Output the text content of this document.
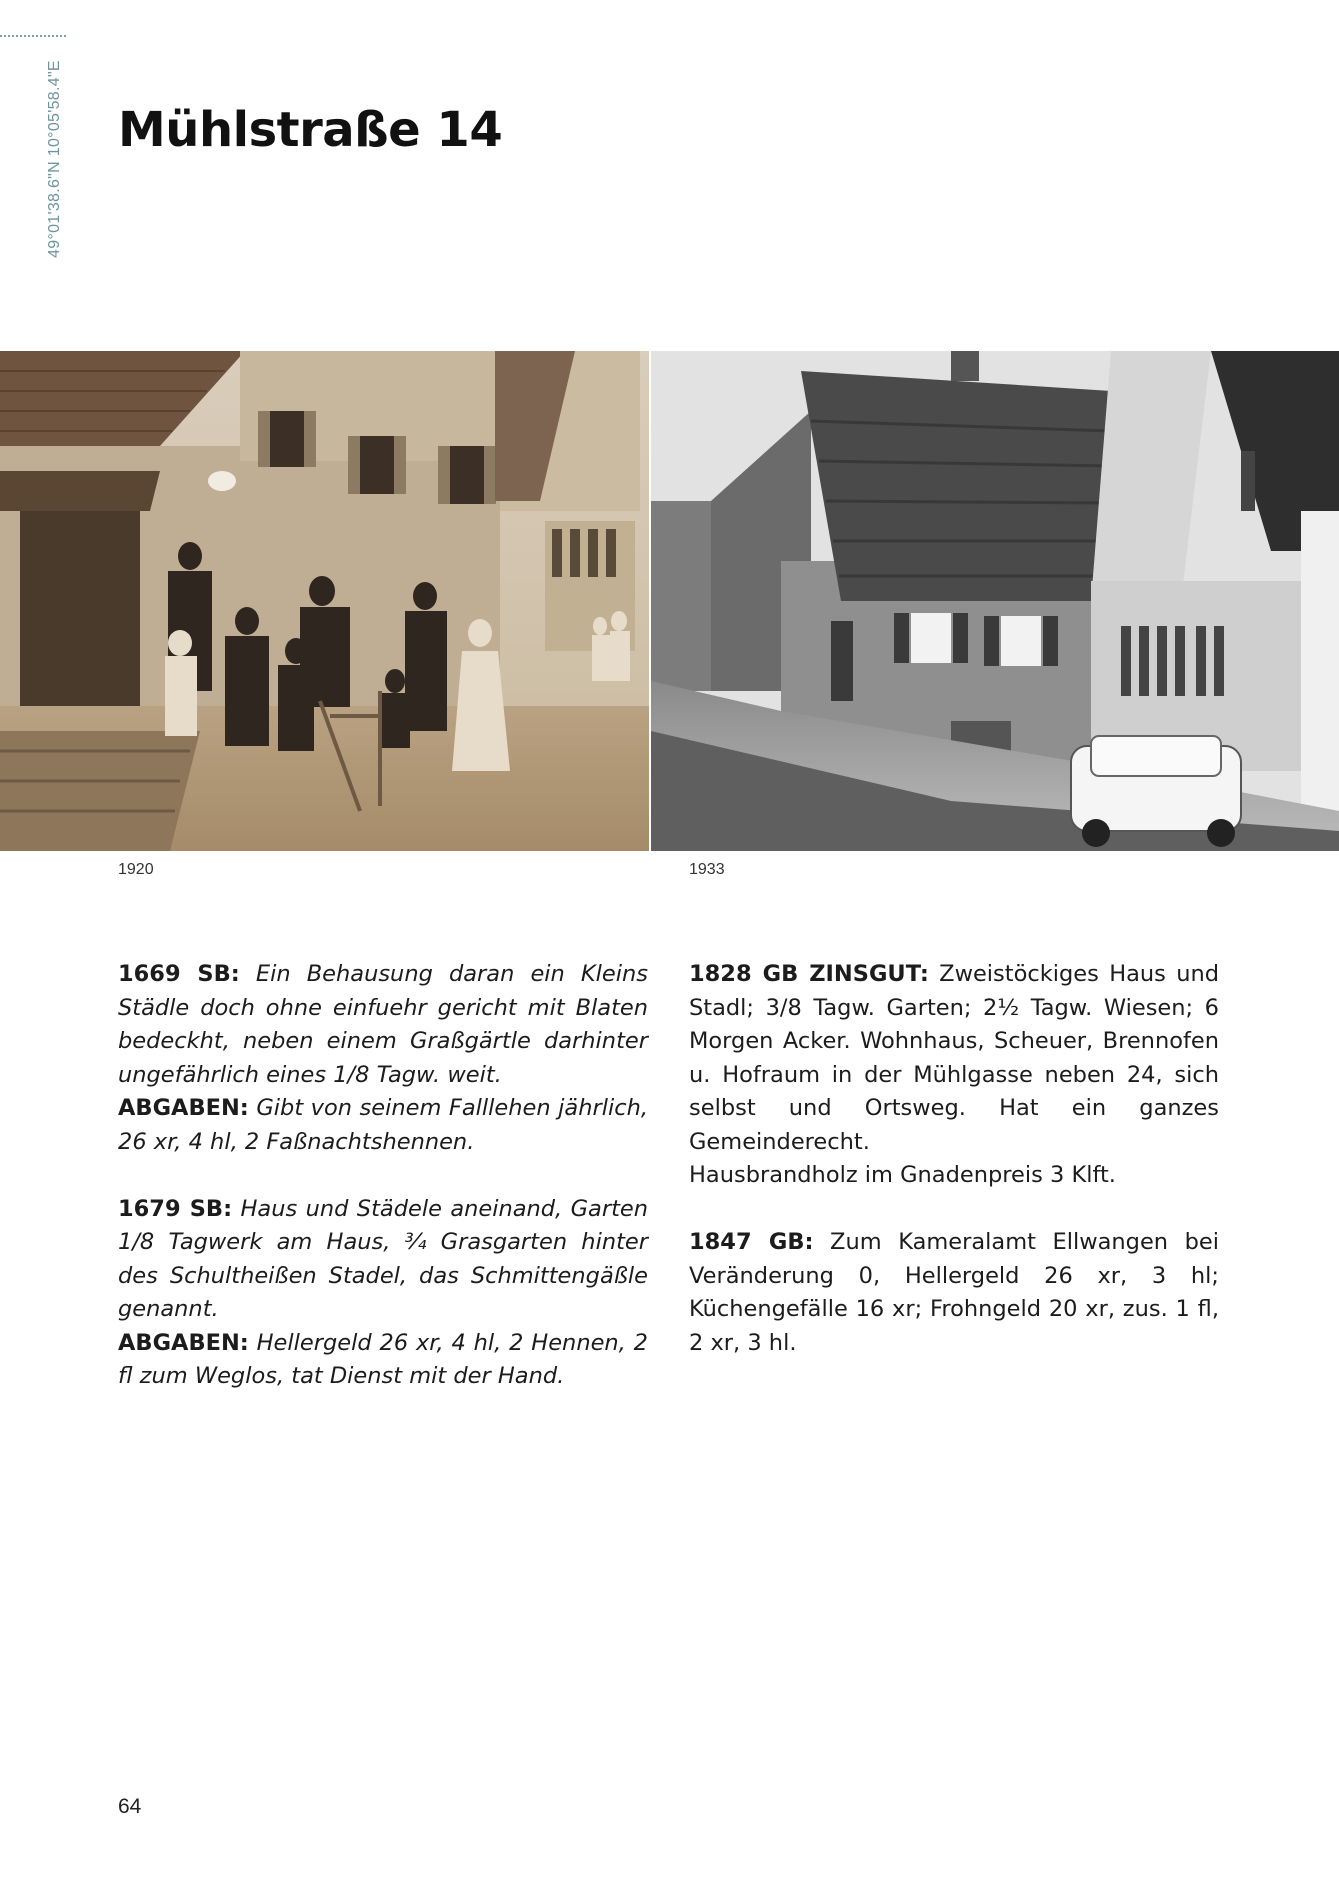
49°01'38.6"N 10°05'58.4"E Mühlstraße 14
1920	1933

1669 SB: Ein Behausung daran ein Kleins Städle doch ohne einfuehr gericht mit Blaten bedeckht, neben einem Graßgärtle darhinter ungefährlich eines 1/8 Tagw. weit.

ABGABEN: Gibt von seinem Falllehen jährlich, 26 xr, 4 hl, 2 Faßnachtshennen.

1679 SB: Haus und Städele aneinand, Garten 1/8 Tagwerk am Haus, ¾ Grasgarten hinter des Schultheißen Stadel, das Schmittengäßle genannt.

ABGABEN: Hellergeld 26 xr, 4 hl, 2 Hennen, 2 fl zum Weglos, tat Dienst mit der Hand.

1828 GB ZINSGUT: Zweistöckiges Haus und Stadl; 3/8 Tagw. Garten; 2½ Tagw. Wiesen; 6 Morgen Acker. Wohnhaus, Scheuer, Brennofen u. Hofraum in der Mühlgasse neben 24, sich selbst und Ortsweg. Hat ein ganzes Gemeinderecht.

Hausbrandholz im Gnadenpreis 3 Klft.

1847 GB: Zum Kameralamt Ellwangen bei Veränderung 0, Hellergeld 26 xr, 3 hl; Küchengefälle 16 xr; Frohngeld 20 xr, zus. 1 fl, 2 xr, 3 hl.

64
